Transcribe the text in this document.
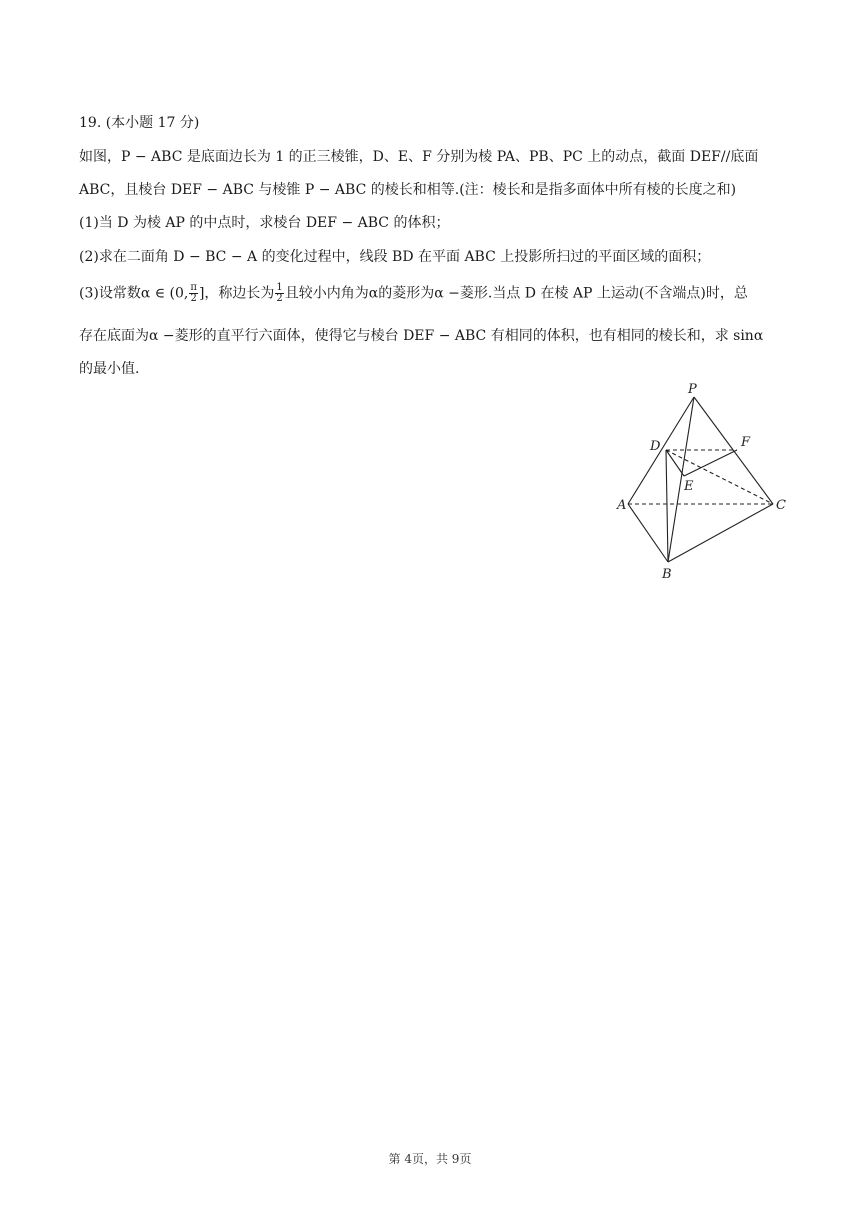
19. (本小题 17 分)
如图，P − ABC 是底面边长为 1 的正三棱锥，D、E、F 分别为棱 PA、PB、PC 上的动点，截面 DEF//底面
ABC，且棱台 DEF − ABC 与棱锥 P − ABC 的棱长和相等.(注：棱长和是指多面体中所有棱的长度之和)
(1)当 D 为棱 AP 的中点时，求棱台 DEF − ABC 的体积；
(2)求在二面角 D − BC − A 的变化过程中，线段 BD 在平面 ABC 上投影所扫过的平面区域的面积；
(3)设常数α ∈ (0, $\frac{\pi}{2}$ ]，称边长为 $\frac{1}{2}$ 且较小内角为α的菱形为α −菱形.当点 D 在棱 AP 上运动(不含端点)时，总
存在底面为α −菱形的直平行六面体，使得它与棱台 DEF − ABC 有相同的体积，也有相同的棱长和，求 sinα
的最小值.
P
D	F
E
A	C
B
第 4页，共 9页
